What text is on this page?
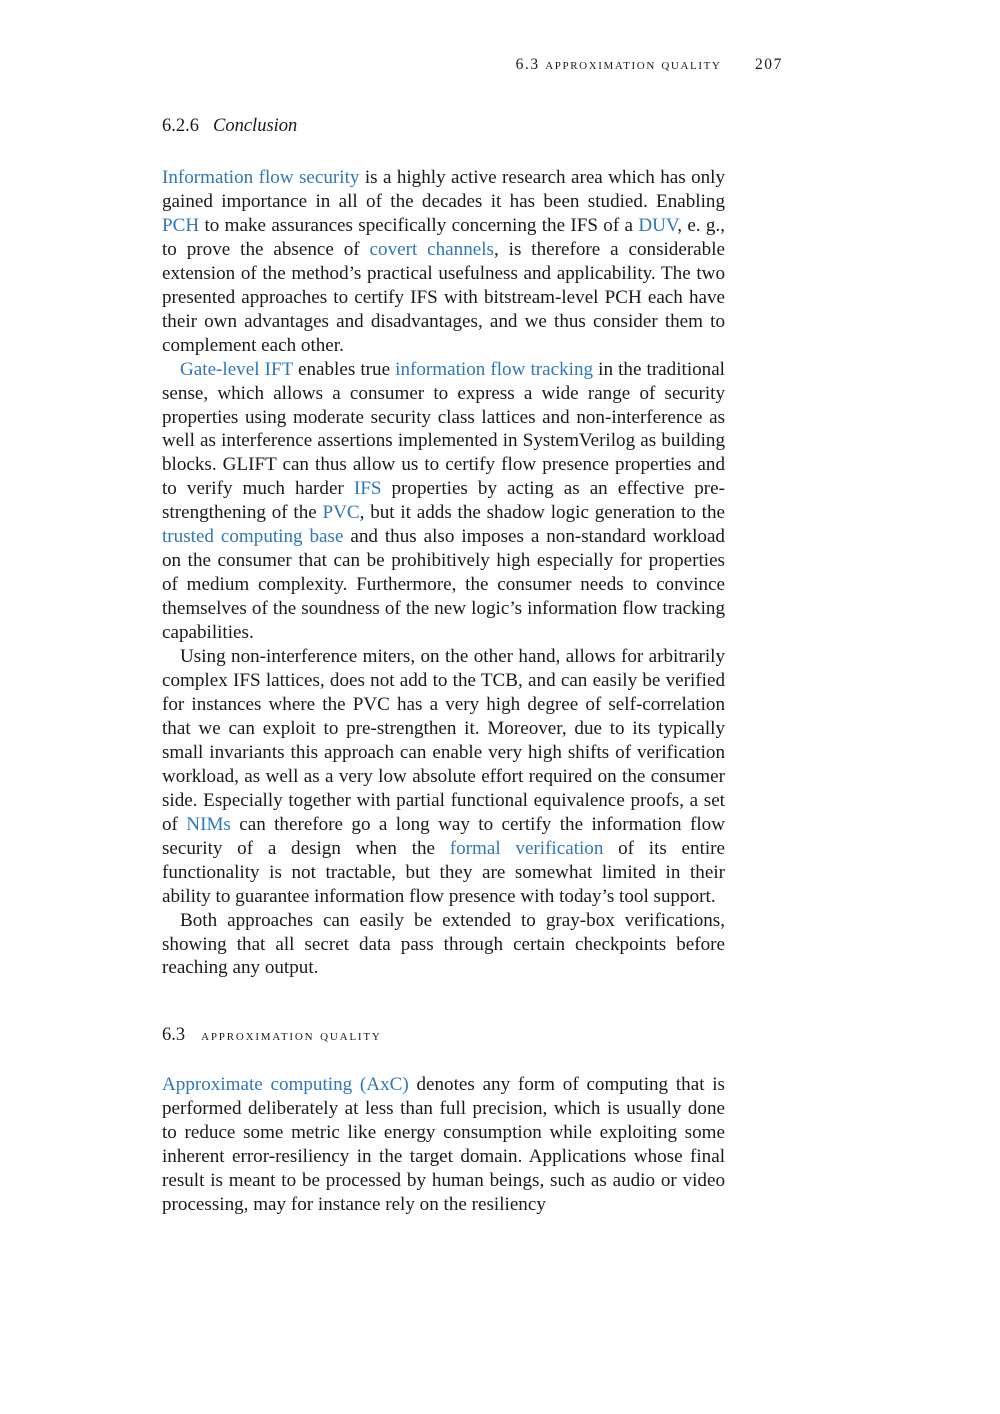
6.3 approximation quality 207
6.2.6 Conclusion

Information flow security is a highly active research area which has only gained importance in all of the decades it has been studied. Enabling PCH to make assurances specifically concerning the IFS of a DUV, e. g., to prove the absence of covert channels, is therefore a considerable extension of the method’s practical usefulness and applicability. The two presented approaches to certify IFS with bitstream-level PCH each have their own advantages and disadvantages, and we thus consider them to complement each other.

Gate-level IFT enables true information flow tracking in the traditional sense, which allows a consumer to express a wide range of security properties using moderate security class lattices and non-interference as well as interference assertions implemented in SystemVerilog as building blocks. GLIFT can thus allow us to certify flow presence properties and to verify much harder IFS properties by acting as an effective pre-strengthening of the PVC, but it adds the shadow logic generation to the trusted computing base and thus also imposes a non-standard workload on the consumer that can be prohibitively high especially for properties of medium complexity. Furthermore, the consumer needs to convince themselves of the soundness of the new logic’s information flow tracking capabilities.

Using non-interference miters, on the other hand, allows for arbitrarily complex IFS lattices, does not add to the TCB, and can easily be verified for instances where the PVC has a very high degree of self-correlation that we can exploit to pre-strengthen it. Moreover, due to its typically small invariants this approach can enable very high shifts of verification workload, as well as a very low absolute effort required on the consumer side. Especially together with partial functional equivalence proofs, a set of NIMs can therefore go a long way to certify the information flow security of a design when the formal verification of its entire functionality is not tractable, but they are somewhat limited in their ability to guarantee information flow presence with today’s tool support.

Both approaches can easily be extended to gray-box verifications, showing that all secret data pass through certain checkpoints before reaching any output.

6.3 approximation quality

Approximate computing (AxC) denotes any form of computing that is performed deliberately at less than full precision, which is usually done to reduce some metric like energy consumption while exploiting some inherent error-resiliency in the target domain. Applications whose final result is meant to be processed by human beings, such as audio or video processing, may for instance rely on the resiliency
